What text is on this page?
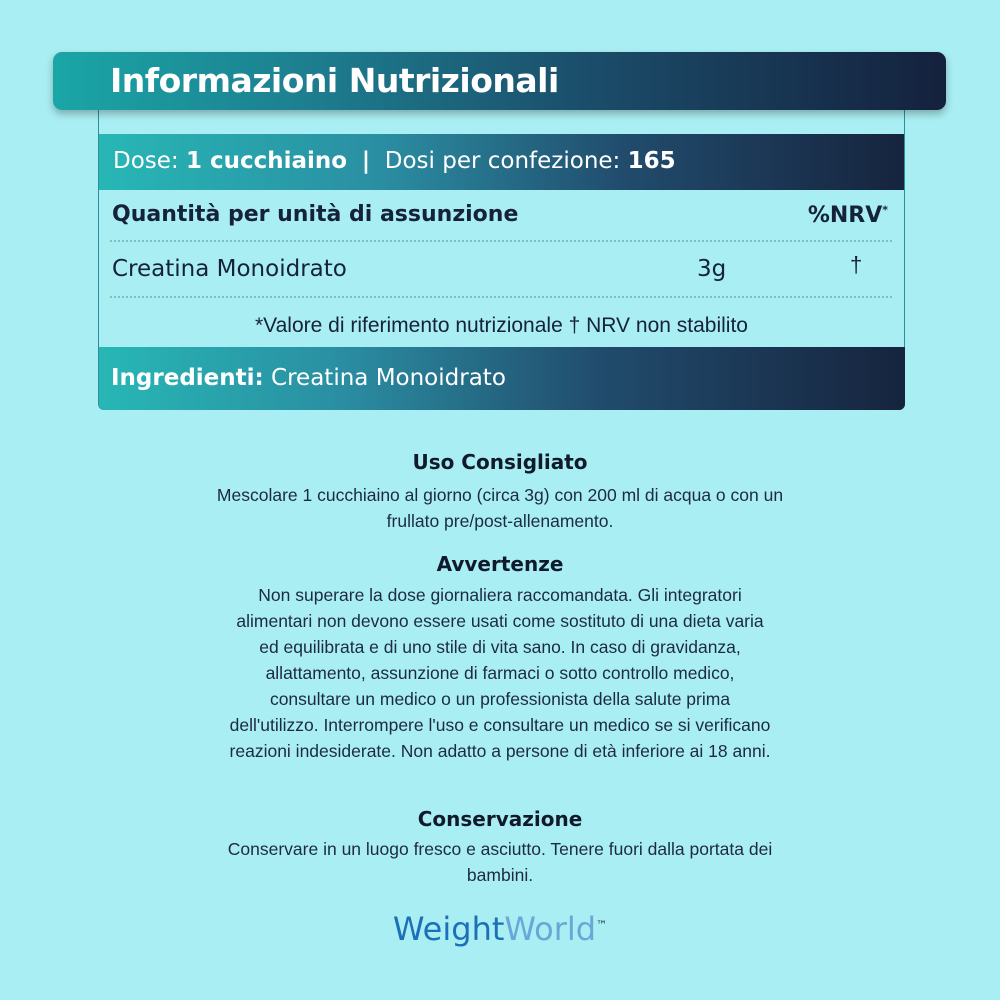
Informazioni Nutrizionali
Dose: 1 cucchiaino | Dosi per confezione: 165
Quantità per unità di assunzione	%NRV*
Creatina Monoidrato	3g	†
*Valore di riferimento nutrizionale † NRV non stabilito
Ingredienti: Creatina Monoidrato
Uso Consigliato
Mescolare 1 cucchiaino al giorno (circa 3g) con 200 ml di acqua o con un frullato pre/post-allenamento.
Avvertenze
Non superare la dose giornaliera raccomandata. Gli integratori alimentari non devono essere usati come sostituto di una dieta varia ed equilibrata e di uno stile di vita sano. In caso di gravidanza, allattamento, assunzione di farmaci o sotto controllo medico, consultare un medico o un professionista della salute prima dell'utilizzo. Interrompere l'uso e consultare un medico se si verificano reazioni indesiderate. Non adatto a persone di età inferiore ai 18 anni.
Conservazione
Conservare in un luogo fresco e asciutto. Tenere fuori dalla portata dei bambini.
WeightWorld™
